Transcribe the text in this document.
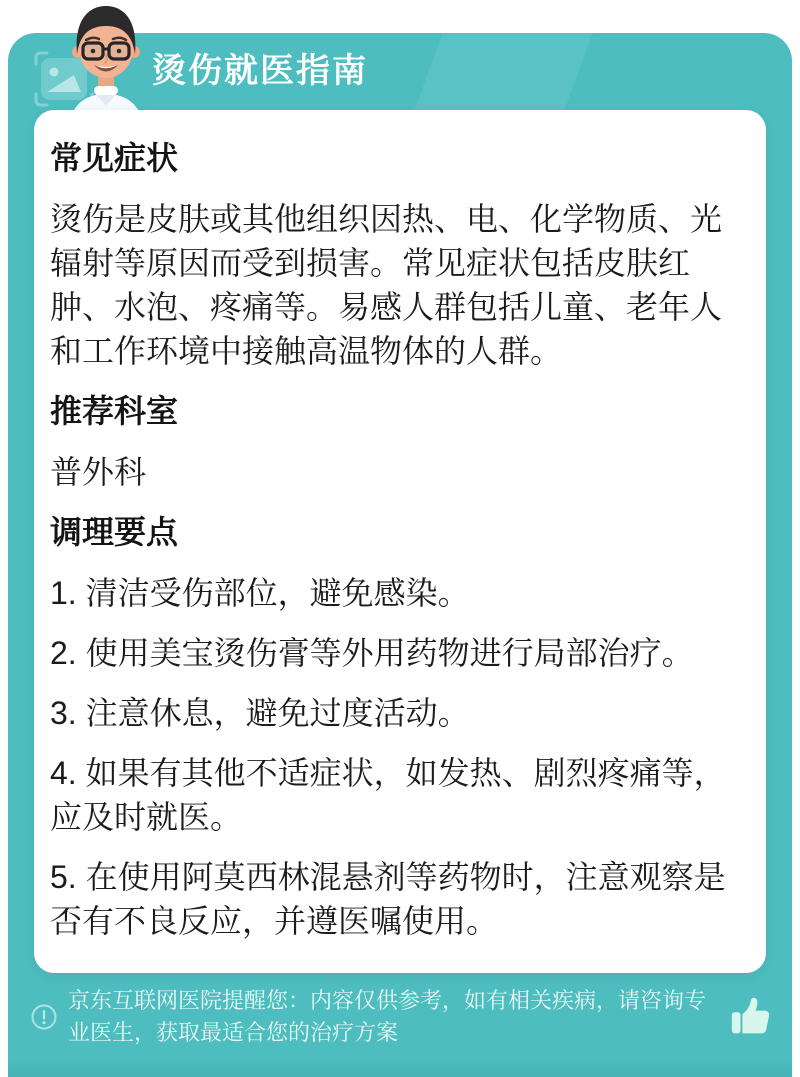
烫伤就医指南
常见症状

烫伤是皮肤或其他组织因热、电、化学物质、光辐射等原因而受到损害。常见症状包括皮肤红肿、水泡、疼痛等。易感人群包括儿童、老年人和工作环境中接触高温物体的人群。

推荐科室

普外科

调理要点
1. 清洁受伤部位，避免感染。
2. 使用美宝烫伤膏等外用药物进行局部治疗。
3. 注意休息，避免过度活动。
4. 如果有其他不适症状，如发热、剧烈疼痛等，应及时就医。
5. 在使用阿莫西林混悬剂等药物时，注意观察是否有不良反应，并遵医嘱使用。

京东互联网医院提醒您：内容仅供参考，如有相关疾病，请咨询专业医生，获取最适合您的治疗方案
